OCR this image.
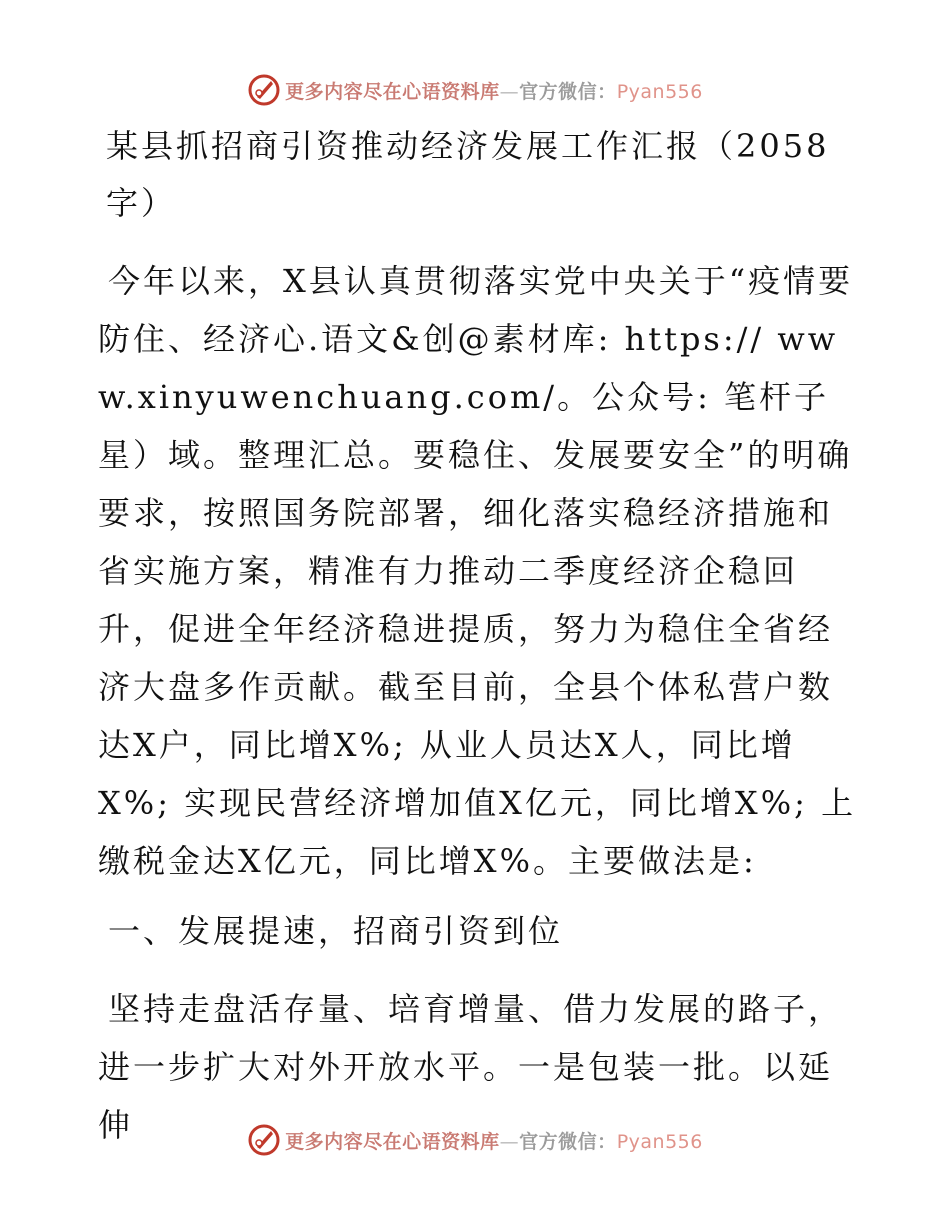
更多内容尽在心语资料库—官方微信：Pyan556
某县抓招商引资推动经济发展工作汇报（2058字）

今年以来，X县认真贯彻落实党中央关于“疫情要防住、经济心.语文&创@素材库: https:// www.xinyuwenchuang.com/。公众号: 笔杆子星）域。整理汇总。要稳住、发展要安全”的明确要求，按照国务院部署，细化落实稳经济措施和省实施方案，精准有力推动二季度经济企稳回升，促进全年经济稳进提质，努力为稳住全省经济大盘多作贡献。截至目前，全县个体私营户数达X户，同比增X%; 从业人员达X人，同比增X%; 实现民营经济增加值X亿元，同比增X%; 上缴税金达X亿元，同比增X%。主要做法是:

一、发展提速，招商引资到位

坚持走盘活存量、培育增量、借力发展的路子，进一步扩大对外开放水平。一是包装一批。以延伸	更多内容尽在心语资料库—官方微信：Pyan556
